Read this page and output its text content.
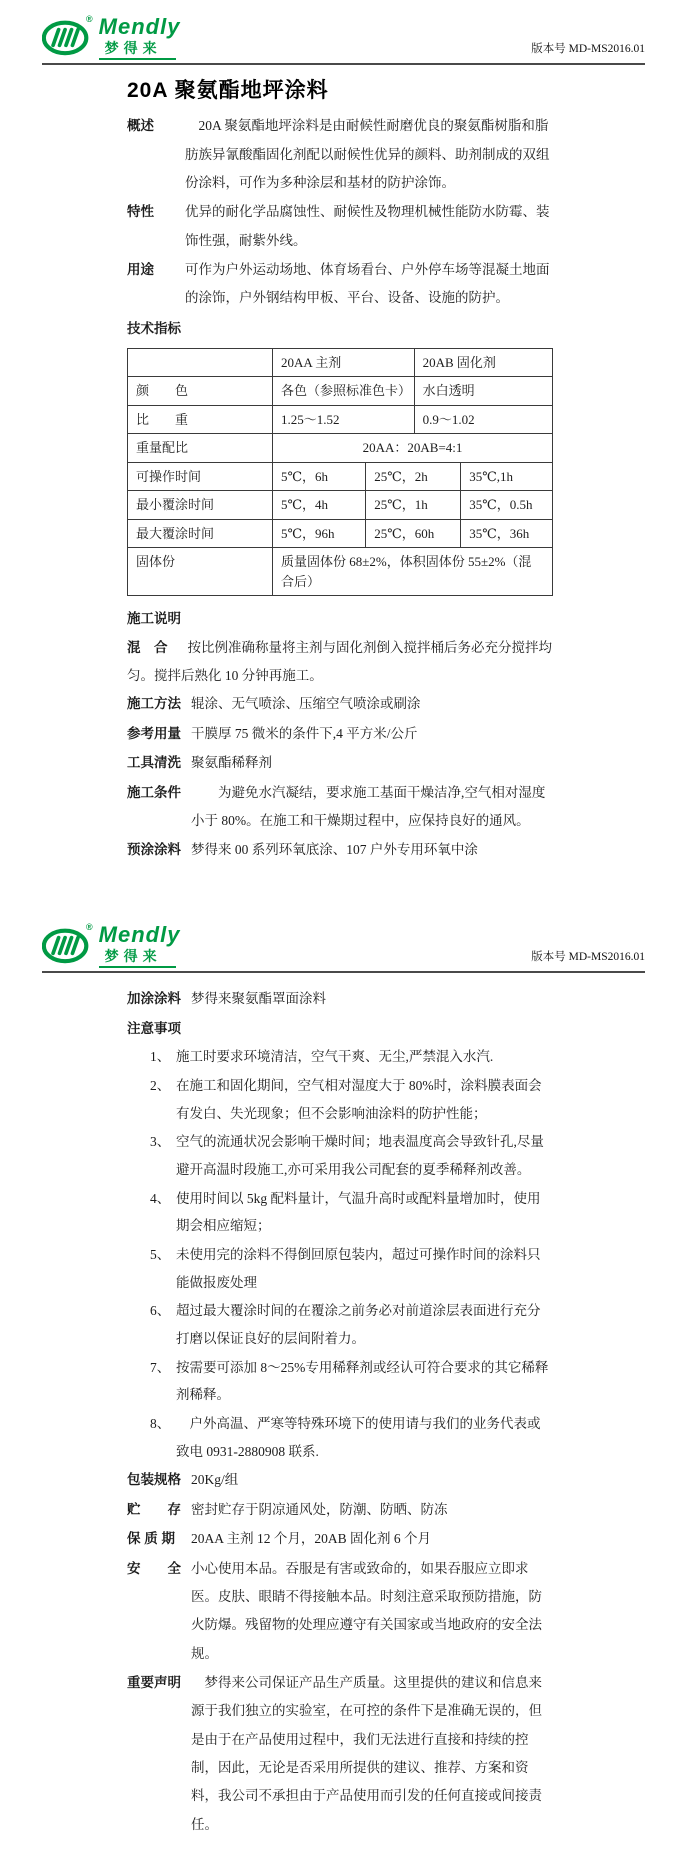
® Mendly
梦得来	版本号 MD-MS2016.01
20A 聚氨酯地坪涂料
概述	20A 聚氨酯地坪涂料是由耐候性耐磨优良的聚氨酯树脂和脂肪族异氰酸酯固化剂配以耐候性优异的颜料、助剂制成的双组份涂料，可作为多种涂层和基材的防护涂饰。
特性	优异的耐化学品腐蚀性、耐候性及物理机械性能防水防霉、装饰性强，耐紫外线。
用途	可作为户外运动场地、体育场看台、户外停车场等混凝土地面的涂饰，户外钢结构甲板、平台、设备、设施的防护。
技术指标
20AA 主剂	20AB 固化剂
颜　　色	各色（参照标准色卡） 水白透明
比　　重	1.25～1.52	0.9～1.02
重量配比	20AA：20AB=4:1
可操作时间	5℃，6h	25℃，2h	35℃,1h
最小覆涂时间	5℃，4h	25℃，1h	35℃，0.5h
最大覆涂时间	5℃，96h	25℃，60h	35℃，36h
固体份	质量固体份 68±2%，体积固体份 55±2%（混合后）
施工说明

混　合 按比例准确称量将主剂与固化剂倒入搅拌桶后务必充分搅拌均匀。搅拌后熟化 10 分钟再施工。

施工方法 辊涂、无气喷涂、压缩空气喷涂或刷涂
参考用量 干膜厚 75 微米的条件下,4 平方米/公斤
工具清洗 聚氨酯稀释剂
施工条件	为避免水汽凝结，要求施工基面干燥洁净,空气相对湿度小于 80%。在施工和干燥期过程中，应保持良好的通风。
预涂涂料 梦得来 00 系列环氧底涂、107 户外专用环氧中涂
® Mendly
梦得来	版本号 MD-MS2016.01
加涂涂料 梦得来聚氨酯罩面涂料
注意事项
1、 施工时要求环境清洁，空气干爽、无尘,严禁混入水汽.
2、 在施工和固化期间，空气相对湿度大于 80%时，涂料膜表面会有发白、失光现象；但不会影响油涂料的防护性能；
3、 空气的流通状况会影响干燥时间；地表温度高会导致针孔,尽量避开高温时段施工,亦可采用我公司配套的夏季稀释剂改善。
4、 使用时间以 5kg 配料量计，气温升高时或配料量增加时，使用期会相应缩短；
5、 未使用完的涂料不得倒回原包装内，超过可操作时间的涂料只能做报废处理
6、 超过最大覆涂时间的在覆涂之前务必对前道涂层表面进行充分打磨以保证良好的层间附着力。
7、 按需要可添加 8～25%专用稀释剂或经认可符合要求的其它稀释剂稀释。
8、	户外高温、严寒等特殊环境下的使用请与我们的业务代表或致电 0931-2880908 联系.
包装规格 20Kg/组
贮　　存 密封贮存于阴凉通风处，防潮、防晒、防冻
保 质 期	20AA 主剂 12 个月，20AB 固化剂 6 个月
安　　全 小心使用本品。吞服是有害或致命的，如果吞服应立即求医。皮肤、眼睛不得接触本品。时刻注意采取预防措施，防火防爆。残留物的处理应遵守有关国家或当地政府的安全法规。
重要声明	梦得来公司保证产品生产质量。这里提供的建议和信息来源于我们独立的实验室，在可控的条件下是准确无误的，但是由于在产品使用过程中，我们无法进行直接和持续的控制，因此，无论是否采用所提供的建议、推荐、方案和资料，我公司不承担由于产品使用而引发的任何直接或间接责任。
